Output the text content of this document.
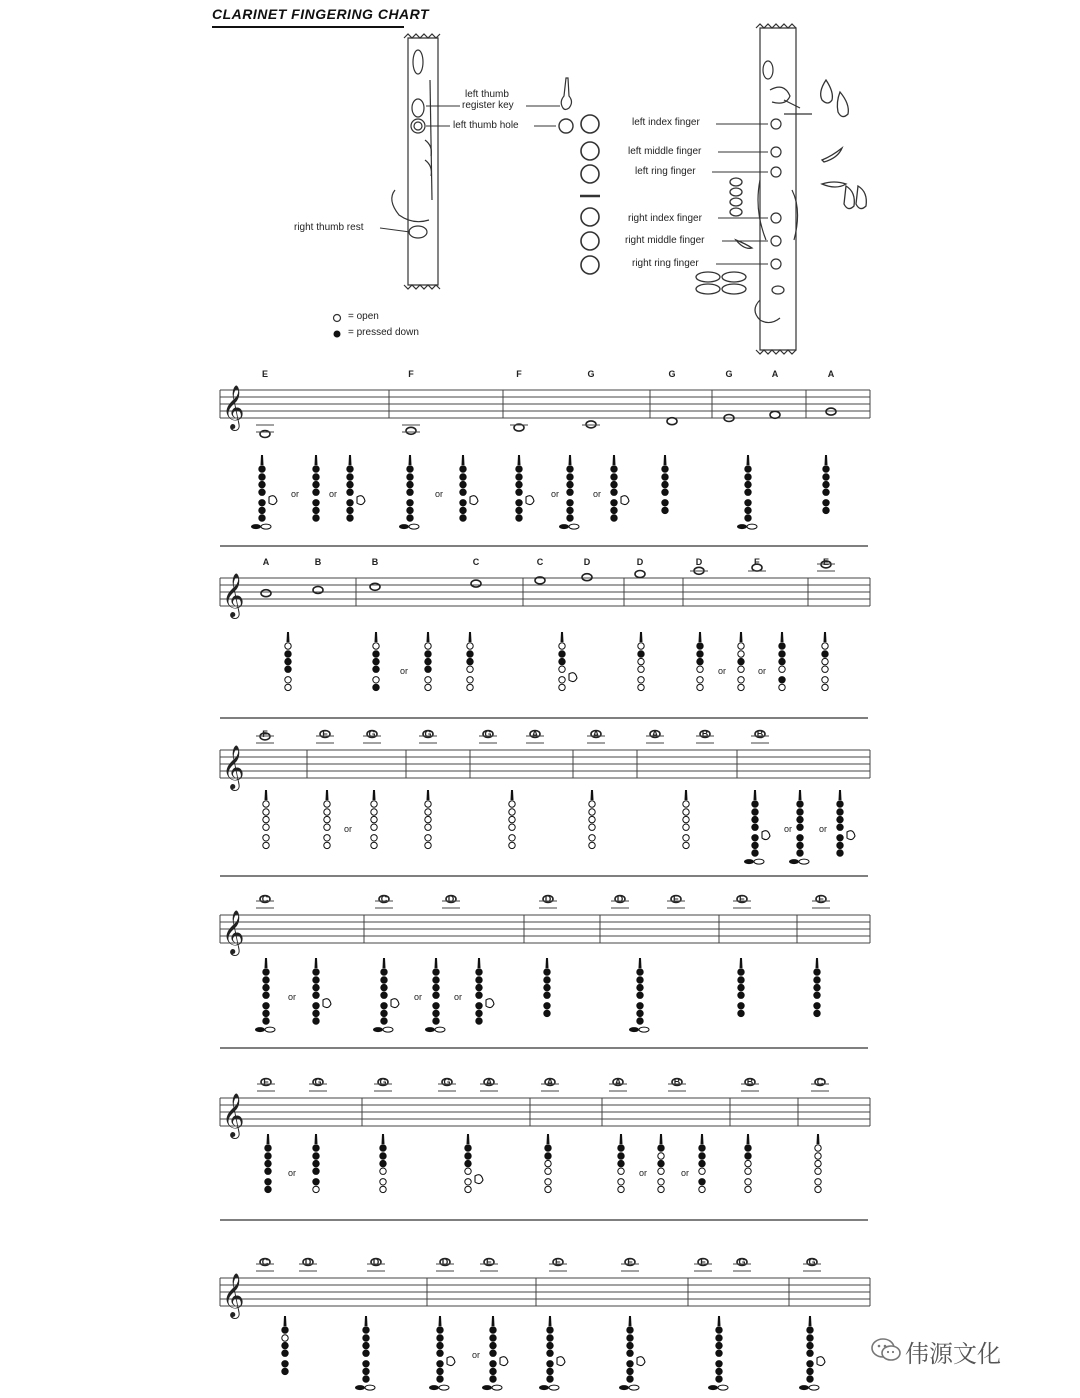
CLARINET FINGERING CHART
left thumb
register key
left thumb hole
right thumb rest
left index finger
left middle finger
left ring finger
right index finger
right middle finger
right ring finger
= open
= pressed down
𝄞
E	F	F	G	G	G	A	A
or	or	or	or	or
𝄞
A	B	B	C	C	D	D	D	E	E
or	or	or
𝄞
F	F	G	G	G	A	A	A	B	B
or	or	or
𝄞
C	C	D	D	D	E	E	F
or	or	or
𝄞
F	G	G	G	A	A	A	B	B	C
or	or	or
𝄞
C	D	D	D	E	E	F	F	G	G
or	伟源文化
